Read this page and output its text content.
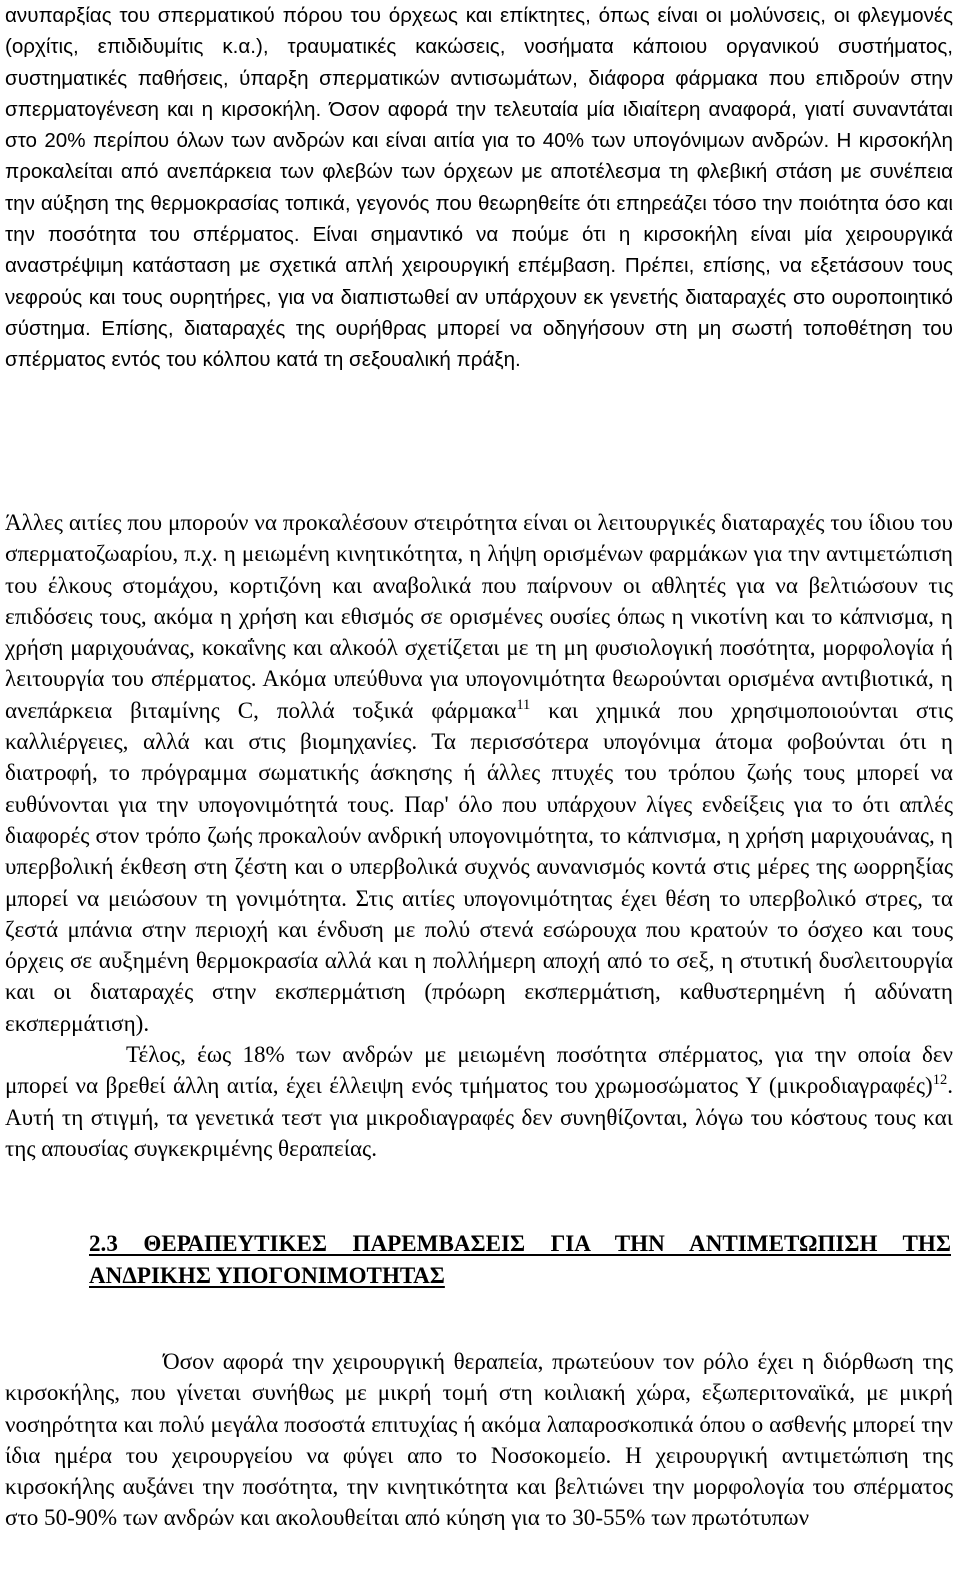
ανυπαρξίας του σπερματικού πόρου του όρχεως και επίκτητες, όπως είναι οι μολύνσεις, οι φλεγμονές (ορχίτις, επιδιδυμίτις κ.α.), τραυματικές κακώσεις, νοσήματα κάποιου οργανικού συστήματος, συστηματικές παθήσεις, ύπαρξη σπερματικών αντισωμάτων, διάφορα φάρμακα που επιδρούν στην σπερματογένεση και η κιρσοκήλη. Όσον αφορά την τελευταία μία ιδιαίτερη αναφορά, γιατί συναντάται στο 20% περίπου όλων των ανδρών και είναι αιτία για το 40% των υπογόνιμων ανδρών. Η κιρσοκήλη προκαλείται από ανεπάρκεια των φλεβών των όρχεων με αποτέλεσμα τη φλεβική στάση με συνέπεια την αύξηση της θερμοκρασίας τοπικά, γεγονός που θεωρηθείτε ότι επηρεάζει τόσο την ποιότητα όσο και την ποσότητα του σπέρματος. Είναι σημαντικό να πούμε ότι η κιρσοκήλη είναι μία χειρουργικά αναστρέψιμη κατάσταση με σχετικά απλή χειρουργική επέμβαση. Πρέπει, επίσης, να εξετάσουν τους νεφρούς και τους ουρητήρες, για να διαπιστωθεί αν υπάρχουν εκ γενετής διαταραχές στο ουροποιητικό σύστημα. Επίσης, διαταραχές της ουρήθρας μπορεί να οδηγήσουν στη μη σωστή τοποθέτηση του σπέρματος εντός του κόλπου κατά τη σεξουαλική πράξη.

Άλλες αιτίες που μπορούν να προκαλέσουν στειρότητα είναι οι λειτουργικές διαταραχές του ίδιου του σπερματοζωαρίου, π.χ. η μειωμένη κινητικότητα, η λήψη ορισμένων φαρμάκων για την αντιμετώπιση του έλκους στομάχου, κορτιζόνη και αναβολικά που παίρνουν οι αθλητές για να βελτιώσουν τις επιδόσεις τους, ακόμα η χρήση και εθισμός σε ορισμένες ουσίες όπως η νικοτίνη και το κάπνισμα, η χρήση μαριχουάνας, κοκαΐνης και αλκοόλ σχετίζεται με τη μη φυσιολογική ποσότητα, μορφολογία ή λειτουργία του σπέρματος. Ακόμα υπεύθυνα για υπογονιμότητα θεωρούνται ορισμένα αντιβιοτικά, η ανεπάρκεια βιταμίνης C, πολλά τοξικά φάρμακα$^{11}$ και χημικά που χρησιμοποιούνται στις καλλιέργειες, αλλά και στις βιομηχανίες. Τα περισσότερα υπογόνιμα άτομα φοβούνται ότι η διατροφή, το πρόγραμμα σωματικής άσκησης ή άλλες πτυχές του τρόπου ζωής τους μπορεί να ευθύνονται για την υπογονιμότητά τους. Παρ' όλο που υπάρχουν λίγες ενδείξεις για το ότι απλές διαφορές στον τρόπο ζωής προκαλούν ανδρική υπογονιμότητα, το κάπνισμα, η χρήση μαριχουάνας, η υπερβολική έκθεση στη ζέστη και ο υπερβολικά συχνός αυνανισμός κοντά στις μέρες της ωορρηξίας μπορεί να μειώσουν τη γονιμότητα. Στις αιτίες υπογονιμότητας έχει θέση το υπερβολικό στρες, τα ζεστά μπάνια στην περιοχή και ένδυση με πολύ στενά εσώρουχα που κρατούν το όσχεο και τους όρχεις σε αυξημένη θερμοκρασία αλλά και η πολλήμερη αποχή από το σεξ, η στυτική δυσλειτουργία και οι διαταραχές στην εκσπερμάτιση (πρόωρη εκσπερμάτιση, καθυστερημένη ή αδύνατη εκσπερμάτιση).

Τέλος, έως 18% των ανδρών με μειωμένη ποσότητα σπέρματος, για την οποία δεν μπορεί να βρεθεί άλλη αιτία, έχει έλλειψη ενός τμήματος του χρωμοσώματος Y (μικροδιαγραφές)$^{12}$. Αυτή τη στιγμή, τα γενετικά τεστ για μικροδιαγραφές δεν συνηθίζονται, λόγω του κόστους τους και της απουσίας συγκεκριμένης θεραπείας.

2.3 ΘΕΡΑΠΕΥΤΙΚΕΣ ΠΑΡΕΜΒΑΣΕΙΣ ΓΙΑ ΤΗΝ ΑΝΤΙΜΕΤΩΠΙΣΗ ΤΗΣ ΑΝΔΡΙΚΗΣ ΥΠΟΓΟΝΙΜΟΤΗΤΑΣ

Όσον αφορά την χειρουργική θεραπεία, πρωτεύουν τον ρόλο έχει η διόρθωση της κιρσοκήλης, που γίνεται συνήθως με μικρή τομή στη κοιλιακή χώρα, εξωπεριτοναϊκά, με μικρή νοσηρότητα και πολύ μεγάλα ποσοστά επιτυχίας ή ακόμα λαπαροσκοπικά όπου ο ασθενής μπορεί την ίδια ημέρα του χειρουργείου να φύγει απο το Νοσοκομείο. Η χειρουργική αντιμετώπιση της κιρσοκήλης αυξάνει την ποσότητα, την κινητικότητα και βελτιώνει την μορφολογία του σπέρματος στο 50-90% των ανδρών και ακολουθείται από κύηση για το 30-55% των πρωτότυπων
